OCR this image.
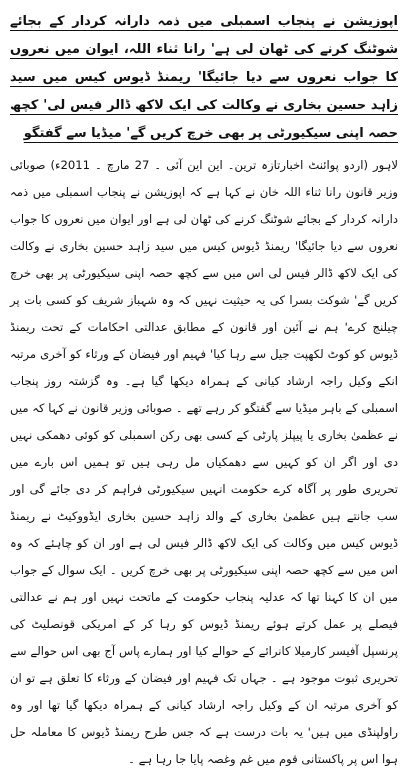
اپوزیشن نے پنجاب اسمبلی میں ذمہ دارانہ کردار کے بجائے شوٹنگ کرنے کی ٹھان لی ہے' رانا ثناء اللہ، ایوان میں نعروں کا جواب نعروں سے دیا جائیگا' ریمنڈ ڈیوس کیس میں سید زاہد حسین بخاری نے وکالت کی ایک لاکھ ڈالر فیس لی' کچھ حصہ اپنی سیکیورٹی پر بھی خرچ کریں گے' میڈیا سے گفتگو

لاہور (اردو پوائنٹ اخبارتازہ ترین۔ این این آئی ۔ 27 مارچ ۔ 2011ء) صوبائی وزیر قانون رانا ثناء اللہ خان نے کہا ہے کہ اپوزیشن نے پنجاب اسمبلی میں ذمہ دارانہ کردار کے بجائے شوٹنگ کرنے کی ٹھان لی ہے اور ایوان میں نعروں کا جواب نعروں سے دیا جائیگا' ریمنڈ ڈیوس کیس میں سید زاہد حسین بخاری نے وکالت کی ایک لاکھ ڈالر فیس لی اس میں سے کچھ حصہ اپنی سیکیورٹی پر بھی خرچ کریں گے' شوکت بسرا کی یہ حیثیت نہیں کہ وہ شہباز شریف کو کسی بات پر چیلنج کرے' ہم نے آئین اور قانون کے مطابق عدالتی احکامات کے تحت ریمنڈ ڈیوس کو کوٹ لکھپت جیل سے رہا کیا' فہیم اور فیضان کے ورثاء کو آخری مرتبہ انکے وکیل راجہ ارشاد کیانی کے ہمراہ دیکھا گیا ہے۔ وہ گزشتہ روز پنجاب اسمبلی کے باہر میڈیا سے گفتگو کر رہے تھے ۔ صوبائی وزیر قانون نے کہا کہ میں نے عظمیٰ بخاری یا پیپلز پارٹی کے کسی بھی رکن اسمبلی کو کوئی دھمکی نہیں دی اور اگر ان کو کہیں سے دھمکیاں مل رہی ہیں تو ہمیں اس بارے میں تحریری طور پر آگاہ کرے حکومت انہیں سیکیورٹی فراہم کر دی جائے گی اور سب جانتے ہیں عظمیٰ بخاری کے والد زاہد حسین بخاری ایڈووکیٹ نے ریمنڈ ڈیوس کیس میں وکالت کی ایک لاکھ ڈالر فیس لی ہے اور ان کو چاہئے کہ وہ اس میں سے کچھ حصہ اپنی سیکیورٹی پر بھی خرچ کریں ۔ ایک سوال کے جواب میں ان کا کہنا تھا کہ عدلیہ پنجاب حکومت کے ماتحت نہیں اور ہم نے عدالتی فیصلے پر عمل کرتے ہوئے ریمنڈ ڈیوس کو رہا کر کے امریکی قونصلیٹ کی پرنسپل آفیسر کارمیلا کانرائے کے حوالے کیا اور ہمارے پاس آج بھی اس حوالے سے تحریری ثبوت موجود ہے ۔ جہاں تک فہیم اور فیضان کے ورثاء کا تعلق ہے تو ان کو آخری مرتبہ ان کے وکیل راجہ ارشاد کیانی کے ہمراہ دیکھا گیا تھا اور وہ راولپنڈی میں ہیں' یہ بات درست ہے کہ جس طرح ریمنڈ ڈیوس کا معاملہ حل ہوا اس پر پاکستانی قوم میں غم وغصہ پایا جا رہا ہے ۔
